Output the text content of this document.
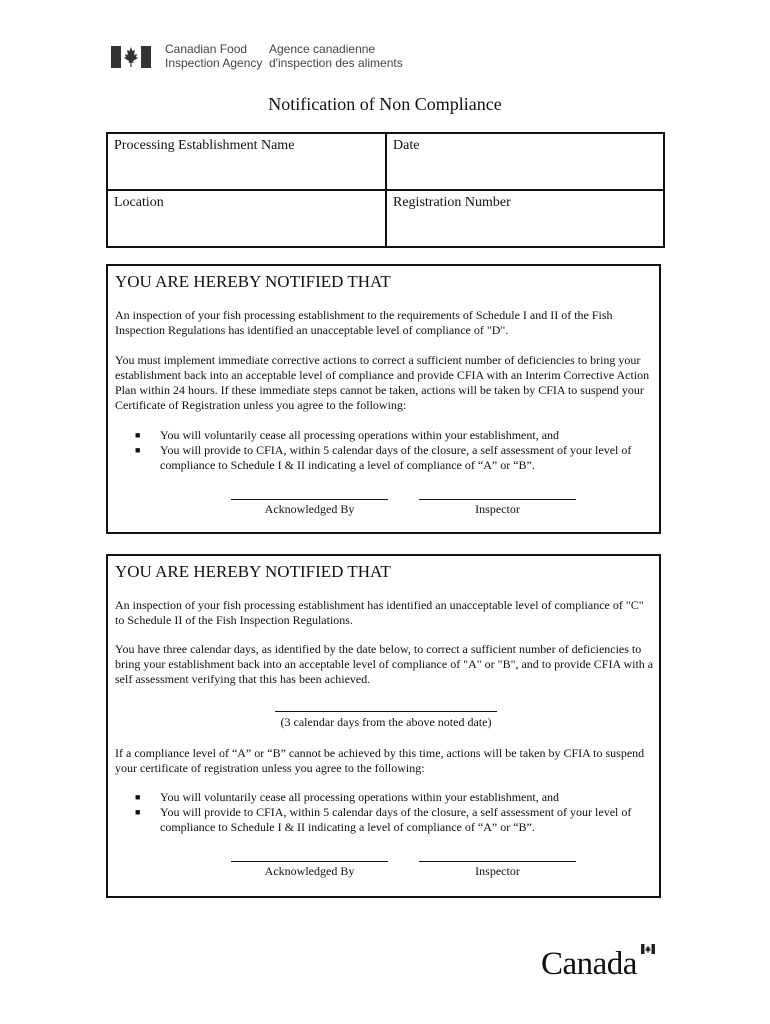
Canadian Food
Inspection Agency
Agence canadienne
d'inspection des aliments
Notification of Non Compliance
Processing Establishment Name	Date
Location	Registration Number
YOU ARE HEREBY NOTIFIED THAT

An inspection of your fish processing establishment to the requirements of Schedule I and II of the Fish Inspection Regulations has identified an unacceptable level of compliance of "D".

You must implement immediate corrective actions to correct a sufficient number of deficiencies to bring your establishment back into an acceptable level of compliance and provide CFIA with an Interim Corrective Action Plan within 24 hours. If these immediate steps cannot be taken, actions will be taken by CFIA to suspend your Certificate of Registration unless you agree to the following:

■ You will voluntarily cease all processing operations within your establishment, and
■ You will provide to CFIA, within 5 calendar days of the closure, a self assessment of your level of compliance to Schedule I & II indicating a level of compliance of “A” or “B”.
Acknowledged By	Inspector
YOU ARE HEREBY NOTIFIED THAT

An inspection of your fish processing establishment has identified an unacceptable level of compliance of "C" to Schedule II of the Fish Inspection Regulations.

You have three calendar days, as identified by the date below, to correct a sufficient number of deficiencies to bring your establishment back into an acceptable level of compliance of "A" or "B", and to provide CFIA with a self assessment verifying that this has been achieved.

(3 calendar days from the above noted date)

If a compliance level of “A” or “B” cannot be achieved by this time, actions will be taken by CFIA to suspend your certificate of registration unless you agree to the following:

■ You will voluntarily cease all processing operations within your establishment, and
■ You will provide to CFIA, within 5 calendar days of the closure, a self assessment of your level of compliance to Schedule I & II indicating a level of compliance of “A” or “B”.
Acknowledged By	Inspector
Canada
